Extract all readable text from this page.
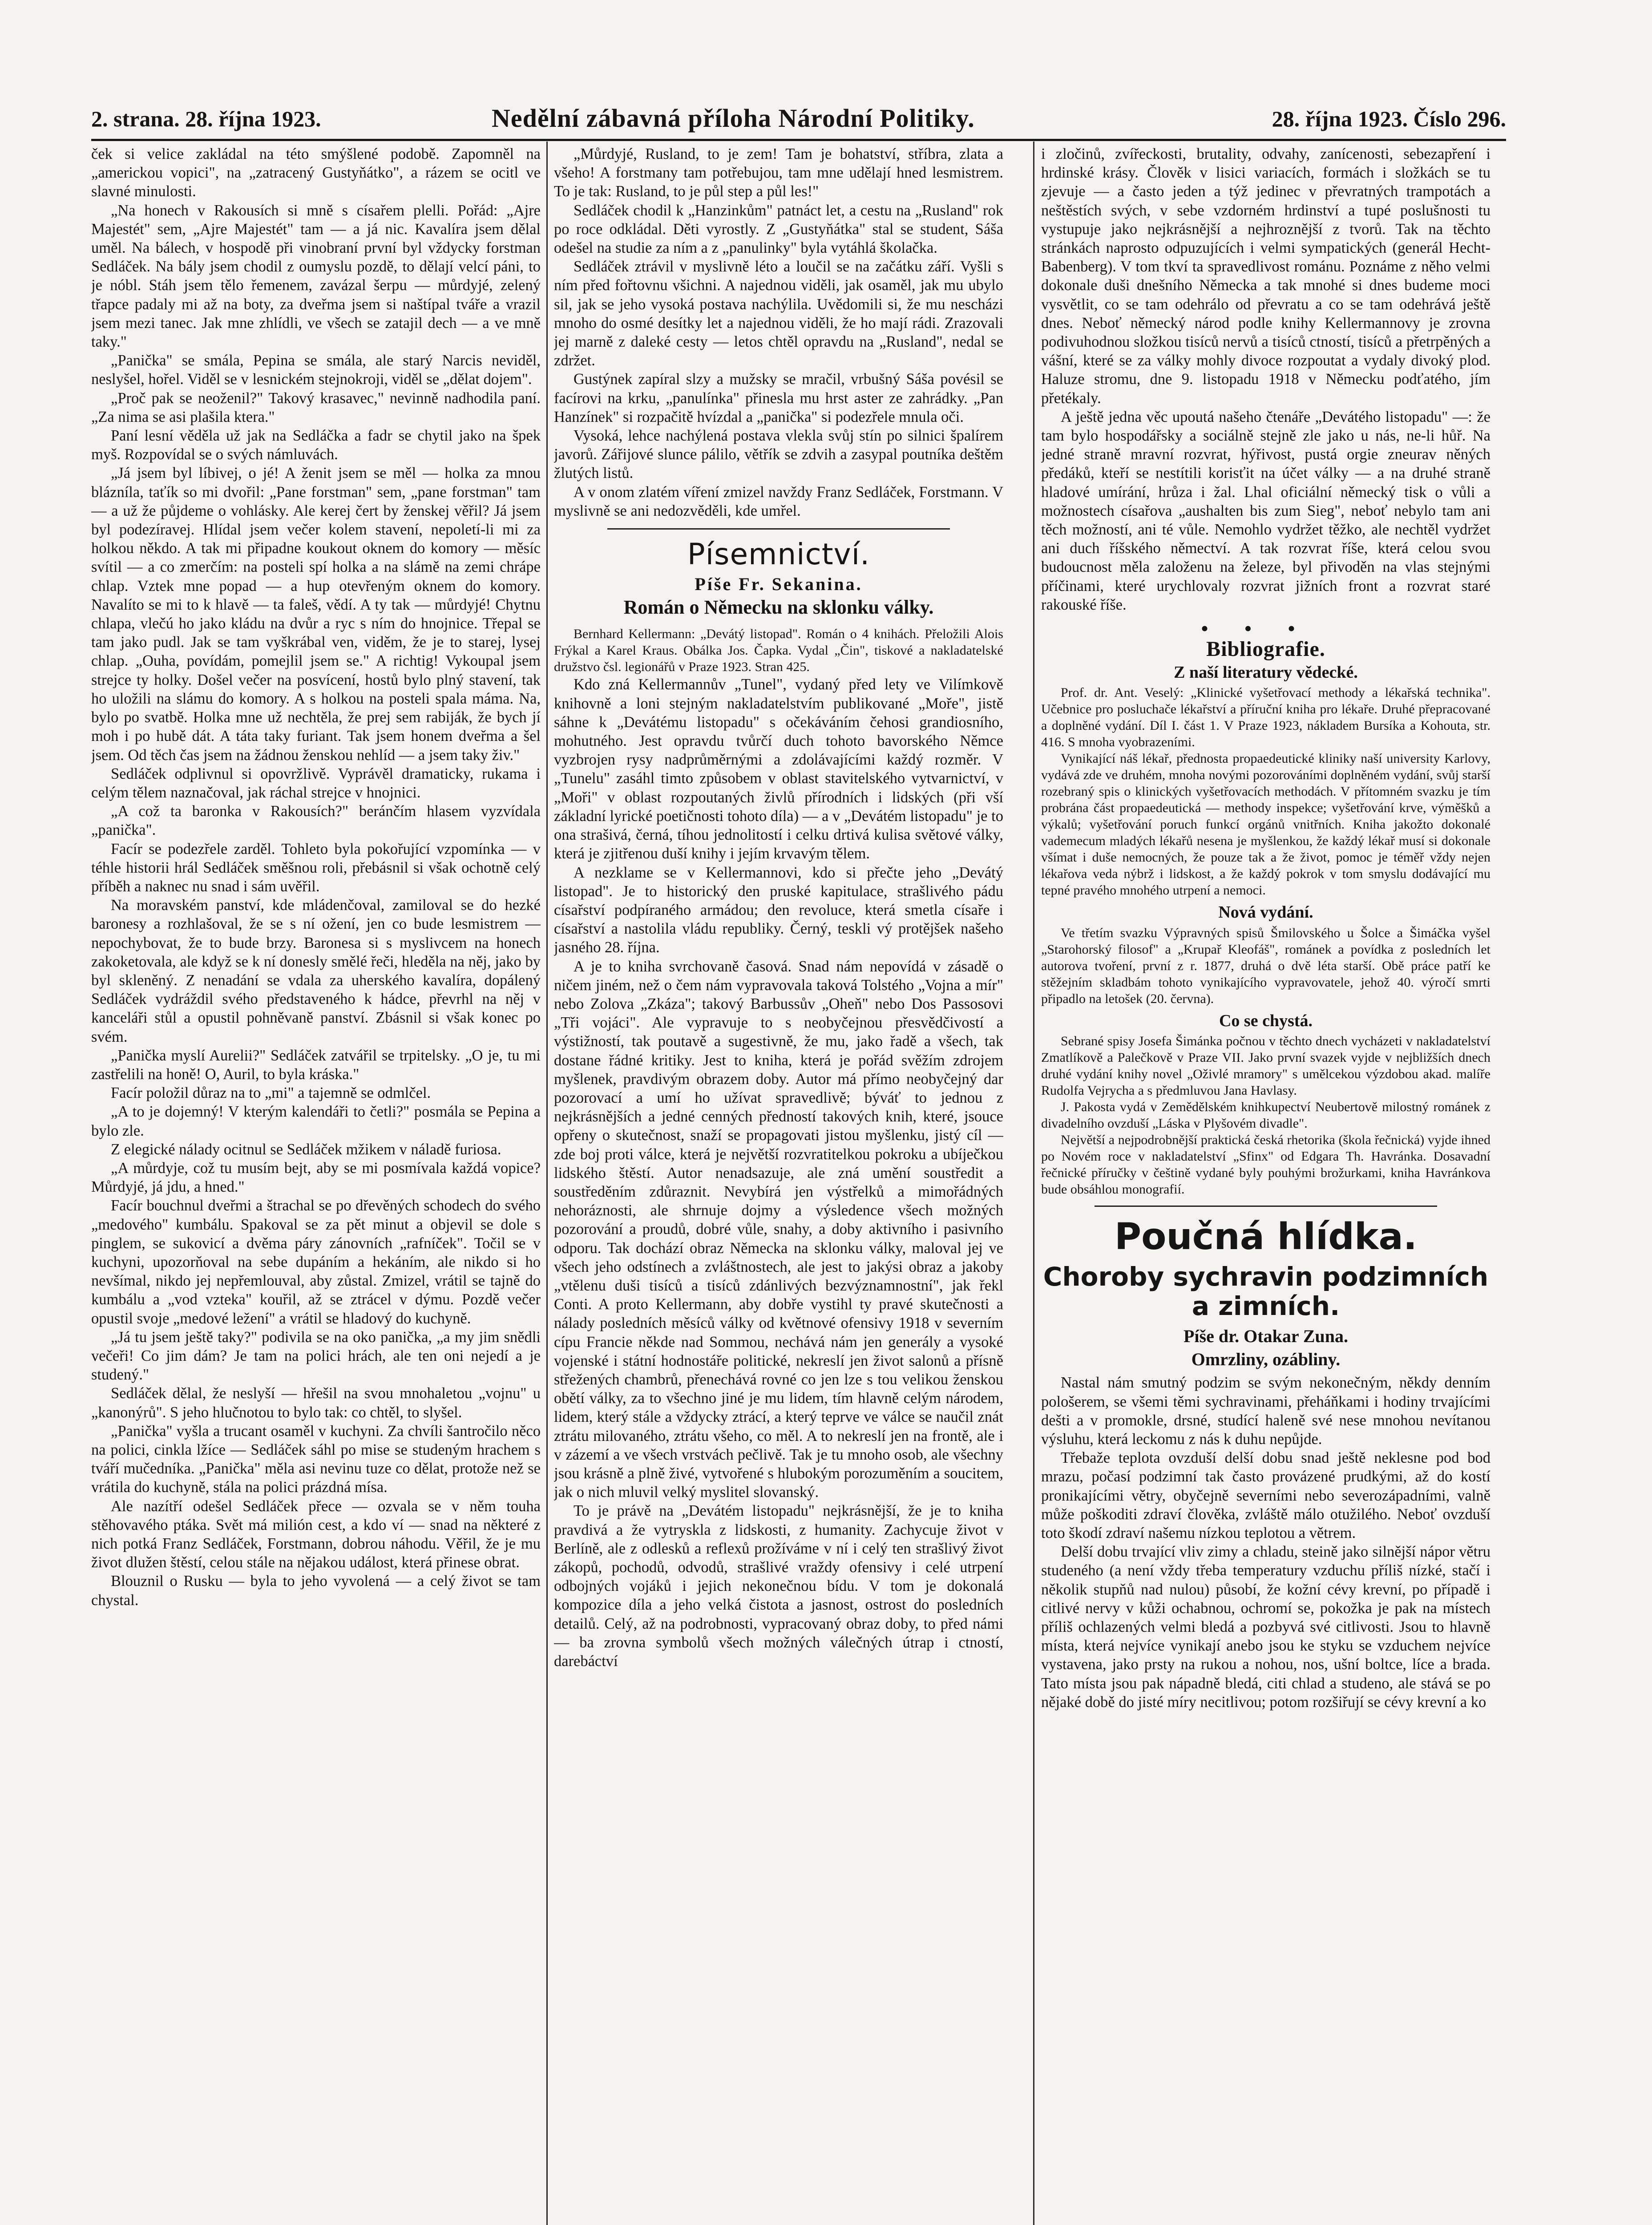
2. strana. 28. října 1923.	Nedělní zábavná příloha Národní Politiky.	28. října 1923. Číslo 296.

ček si velice zakládal na této smýšlené podobě. Zapomněl na „americkou vopici", na „zatracený Gustyňátko", a rázem se ocitl ve slavné minulosti.

„Na honech v Rakousích si mně s císařem plelli. Pořád: „Ajre Majestét" sem, „Ajre Majestét" tam — a já nic. Kavalíra jsem dělal uměl. Na bálech, v hospodě při vinobraní první byl vždycky forstman Sedláček. Na bály jsem chodil z oumyslu pozdě, to dělají velcí páni, to je nóbl. Stáh jsem tělo řemenem, zavázal šerpu — můrdyjé, zelený třapce padaly mi až na boty, za dveřma jsem si naštípal tváře a vrazil jsem mezi tanec. Jak mne zhlídli, ve všech se zatajil dech — a ve mně taky."

„Panička" se smála, Pepina se smála, ale starý Narcis neviděl, neslyšel, hořel. Viděl se v lesnickém stejnokroji, viděl se „dělat dojem".

„Proč pak se neoženil?" Takový krasavec," nevinně nadhodila paní. „Za nima se asi plašila ktera."

Paní lesní věděla už jak na Sedláčka a fadr se chytil jako na špek myš. Rozpovídal se o svých námluvách.

„Já jsem byl líbivej, o jé! A ženit jsem se měl — holka za mnou blázníla, taťík so mi dvořil: „Pane forstman" sem, „pane forstman" tam — a už že půjdeme o vohlásky. Ale kerej čert by ženskej věřil? Já jsem byl podezíravej. Hlídal jsem večer kolem stavení, nepoletí-li mi za holkou někdo. A tak mi připadne koukout oknem do komory — měsíc svítil — a co zmerčím: na posteli spí holka a na slámě na zemi chrápe chlap. Vztek mne popad — a hup otevřeným oknem do komory. Navalíto se mi to k hlavě — ta faleš, vědí. A ty tak — můrdyjé! Chytnu chlapa, vlečú ho jako kládu na dvůr a ryc s ním do hnojnice. Třepal se tam jako pudl. Jak se tam vyškrábal ven, viděm, že je to starej, lysej chlap. „Ouha, povídám, pomejlil jsem se." A richtig! Vykoupal jsem strejce ty holky. Došel večer na posvícení, hostů bylo plný stavení, tak ho uložili na slámu do komory. A s holkou na posteli spala máma. Na, bylo po svatbě. Holka mne už nechtěla, že prej sem rabiják, že bych jí moh i po hubě dát. A táta taky furiant. Tak jsem honem dveřma a šel jsem. Od těch čas jsem na žádnou ženskou nehlíd — a jsem taky živ."

Sedláček odplivnul si opovržlivě. Vyprávěl dramaticky, rukama i celým tělem naznačoval, jak ráchal strejce v hnojnici.

„A což ta baronka v Rakousích?" beránčím hlasem vyzvídala „panička".

Facír se podezřele zarděl. Tohleto byla pokořující vzpomínka — v téhle historii hrál Sedláček směšnou roli, přebásnil si však ochotně celý příběh a naknec nu snad i sám uvěřil.

Na moravském panství, kde mládenčoval, zamiloval se do hezké baronesy a rozhlašoval, že se s ní ožení, jen co bude lesmistrem — nepochybovat, že to bude brzy. Baronesa si s myslivcem na honech zakoketovala, ale když se k ní donesly smělé řeči, hleděla na něj, jako by byl skleněný. Z nenadání se vdala za uherského kavalíra, dopálený Sedláček vydráždil svého představeného k hádce, převrhl na něj v kanceláři stůl a opustil pohněvaně panství. Zbásnil si však konec po svém.

„Panička myslí Aurelii?" Sedláček zatvářil se trpitelsky. „O je, tu mi zastřelili na honě! O, Auril, to byla kráska."

Facír položil důraz na to „mi" a tajemně se odmlčel.

„A to je dojemný! V kterým kalendáři to četli?" posmála se Pepina a bylo zle.

Z elegické nálady ocitnul se Sedláček mžikem v náladě furiosa.

„A můrdyje, což tu musím bejt, aby se mi posmívala každá vopice? Můrdyjé, já jdu, a hned."

Facír bouchnul dveřmi a štrachal se po dřevěných schodech do svého „medového" kumbálu. Spakoval se za pět minut a objevil se dole s pinglem, se sukovicí a dvěma páry zánovních „rafníček". Točil se v kuchyni, upozorňoval na sebe dupáním a hekáním, ale nikdo si ho nevšímal, nikdo jej nepřemlouval, aby zůstal. Zmizel, vrátil se tajně do kumbálu a „vod vzteka" kouřil, až se ztrácel v dýmu. Pozdě večer opustil svoje „medové ležení" a vrátil se hladový do kuchyně.

„Já tu jsem ještě taky?" podivila se na oko panička, „a my jim snědli večeři! Co jim dám? Je tam na polici hrách, ale ten oni nejedí a je studený."

Sedláček dělal, že neslyší — hřešil na svou mnohaletou „vojnu" u „kanonýrů". S jeho hlučnotou to bylo tak: co chtěl, to slyšel.

„Panička" vyšla a trucant osaměl v kuchyni. Za chvíli šantročilo něco na polici, cinkla lžíce — Sedláček sáhl po mise se studeným hrachem s tváří mučedníka. „Panička" měla asi nevinu tuze co dělat, protože než se vrátila do kuchyně, stála na polici prázdná mísa.

Ale nazítří odešel Sedláček přece — ozvala se v něm touha stěhovavého ptáka. Svět má milión cest, a kdo ví — snad na některé z nich potká Franz Sedláček, Forstmann, dobrou náhodu. Věřil, že je mu život dlužen štěstí, celou stále na nějakou událost, která přinese obrat.

Blouznil o Rusku — byla to jeho vyvolená — a celý život se tam chystal.

„Můrdyjé, Rusland, to je zem! Tam je bohatství, stříbra, zlata a všeho! A forstmany tam potřebujou, tam mne udělají hned lesmistrem. To je tak: Rusland, to je půl step a půl les!"

Sedláček chodil k „Hanzinkům" patnáct let, a cestu na „Rusland" rok po roce odkládal. Děti vyrostly. Z „Gustyňátka" stal se student, Sáša odešel na studie za ním a z „panulinky" byla vytáhlá školačka.

Sedláček ztrávil v myslivně léto a loučil se na začátku září. Vyšli s ním před fořtovnu všichni. A najednou viděli, jak osaměl, jak mu ubylo sil, jak se jeho vysoká postava nachýlila. Uvědomili si, že mu nescházi mnoho do osmé desítky let a najednou viděli, že ho mají rádi. Zrazovali jej marně z daleké cesty — letos chtěl opravdu na „Rusland", nedal se zdržet.

Gustýnek zapíral slzy a mužsky se mračil, vrbušný Sáša povésil se facírovi na krku, „panulínka" přinesla mu hrst aster ze zahrádky. „Pan Hanzínek" si rozpačitě hvízdal a „panička" si podezřele mnula oči.

Vysoká, lehce nachýlená postava vlekla svůj stín po silnici špalírem javorů. Zářijové slunce pálilo, větřík se zdvih a zasypal poutníka deštěm žlutých listů.

A v onom zlatém víření zmizel navždy Franz Sedláček, Forstmann. V myslivně se ani nedozvěděli, kde umřel.

Písemnictví.
Píše Fr. Sekanina.
Román o Německu na sklonku války.

Bernhard Kellermann: „Devátý listopad". Román o 4 knihách. Přeložili Alois Frýkal a Karel Kraus. Obálka Jos. Čapka. Vydal „Čin", tiskové a nakladatelské družstvo čsl. legionářů v Praze 1923. Stran 425.

Kdo zná Kellermannův „Tunel", vydaný před lety ve Vilímkově knihovně a loni stejným nakladatelstvím publikované „Moře", jistě sáhne k „Devátému listopadu" s očekáváním čehosi grandiosního, mohutného. Jest opravdu tvůrčí duch tohoto bavorského Němce vyzbrojen rysy nadprůměrnými a zdolávajícími každý rozměr. V „Tunelu" zasáhl timto způsobem v oblast stavitelského vytvarnictví, v „Moři" v oblast rozpoutaných živlů přírodních i lidských (při vší základní lyrické poetičnosti tohoto díla) — a v „Devátém listopadu" je to ona strašivá, černá, tíhou jednolitostí i celku drtivá kulisa světové války, která je zjitřenou duší knihy i jejím krvavým tělem.

A nezklame se v Kellermannovi, kdo si přečte jeho „Devátý listopad". Je to historický den pruské kapitulace, strašlivého pádu císařství podpíraného armádou; den revoluce, která smetla císaře i císařství a nastolila vládu republiky. Černý, teskli vý protějšek našeho jasného 28. října.

A je to kniha svrchovaně časová. Snad nám nepovídá v zásadě o ničem jiném, než o čem nám vypravovala taková Tolstého „Vojna a mír" nebo Zolova „Zkáza"; takový Barbussův „Oheň" nebo Dos Passosovi „Tři vojáci". Ale vypravuje to s neobyčejnou přesvědčivostí a výstižností, tak poutavě a sugestivně, že mu, jako řadě a všech, tak dostane řádné kritiky. Jest to kniha, která je pořád svěžím zdrojem myšlenek, pravdivým obrazem doby. Autor má přímo neobyčejný dar pozorovací a umí ho užívat spravedlivě; býváť to jednou z nejkrásnějších a jedné cenných předností takových knih, které, jsouce opřeny o skutečnost, snaží se propagovati jistou myšlenku, jistý cíl — zde boj proti válce, která je největší rozvratitelkou pokroku a ubíječkou lidského štěstí. Autor nenadsazuje, ale zná umění soustředit a soustředěním zdůraznit. Nevybírá jen výstřelků a mimořádných nehoráznosti, ale shrnuje dojmy a výsledence všech možných pozorování a proudů, dobré vůle, snahy, a doby aktivního i pasivního odporu. Tak dochází obraz Německa na sklonku války, maloval jej ve všech jeho odstínech a zvláštnostech, ale jest to jakýsi obraz a jakoby „vtělenu duši tisíců a tisíců zdánlivých bezvýznamnostní", jak řekl Conti. A proto Kellermann, aby dobře vystihl ty pravé skutečnosti a nálady posledních měsíců války od květnové ofensivy 1918 v severním cípu Francie někde nad Sommou, nechává nám jen generály a vysoké vojenské i státní hodnostáře politické, nekreslí jen život salonů a přísně střežených chambrů, přenechává rovné co jen lze s tou velikou ženskou obětí války, za to všechno jiné je mu lidem, tím hlavně celým národem, lidem, který stále a vždycky ztrácí, a který teprve ve válce se naučil znát ztrátu milovaného, ztrátu všeho, co měl. A to nekreslí jen na frontě, ale i v zázemí a ve všech vrstvách pečlivě. Tak je tu mnoho osob, ale všechny jsou krásně a plně živé, vytvořené s hlubokým porozuměním a soucitem, jak o nich mluvil velký myslitel slovanský.

To je právě na „Devátém listopadu" nejkrásnější, že je to kniha pravdivá a že vytryskla z lidskosti, z humanity. Zachycuje život v Berlíně, ale z odlesků a reflexů prožíváme v ní i celý ten strašlivý život zákopů, pochodů, odvodů, strašlivé vraždy ofensivy i celé utrpení odbojných vojáků i jejich nekonečnou bídu. V tom je dokonalá kompozice díla a jeho velká čistota a jasnost, ostrost do posledních detailů. Celý, až na podrobnosti, vypracovaný obraz doby, to před námi — ba zrovna symbolů všech možných válečných útrap i ctností, darebáctví

i zločinů, zvířeckosti, brutality, odvahy, zanícenosti, sebezapření i hrdinské krásy. Člověk v lisici variacích, formách i složkách se tu zjevuje — a často jeden a týž jedinec v převratných trampotách a neštěstích svých, v sebe vzdorném hrdinství a tupé poslušnosti tu vystupuje jako nejkrásnější a nejhroznější z tvorů. Tak na těchto stránkách naprosto odpuzujících i velmi sympatických (generál Hecht-Babenberg). V tom tkví ta spravedlivost románu. Poznáme z něho velmi dokonale duši dnešního Německa a tak mnohé si dnes budeme moci vysvětlit, co se tam odehrálo od převratu a co se tam odehrává ještě dnes. Neboť německý národ podle knihy Kellermannovy je zrovna podivuhodnou složkou tisíců nervů a tisíců ctností, tisíců a přetrpěných a vášní, které se za války mohly divoce rozpoutat a vydaly divoký plod. Haluze stromu, dne 9. listopadu 1918 v Německu podťatého, jím přetékaly.

A ještě jedna věc upoutá našeho čtenáře „Devátého listopadu" —: že tam bylo hospodářsky a sociálně stejně zle jako u nás, ne-li hůř. Na jedné straně mravní rozvrat, hýřivost, pustá orgie zneurav něných předáků, kteří se nestítili korisťit na účet války — a na druhé straně hladové umírání, hrůza i žal. Lhal oficiální německý tisk o vůli a možnostech císařova „aushalten bis zum Sieg", neboť nebylo tam ani těch možností, ani té vůle. Nemohlo vydržet těžko, ale nechtěl vydržet ani duch říšského němectví. A tak rozvrat říše, která celou svou budoucnost měla založenu na železe, byl přivoděn na vlas stejnými příčinami, které urychlovaly rozvrat jižních front a rozvrat staré rakouské říše.

•••
Bibliografie.
Z naší literatury vědecké.

Prof. dr. Ant. Veselý: „Klinické vyšetřovací methody a lékařská technika". Učebnice pro posluchače lékařství a příruční kniha pro lékaře. Druhé přepracované a doplněné vydání. Díl I. část 1. V Praze 1923, nákladem Bursíka a Kohouta, str. 416. S mnoha vyobrazeními.

Vynikající náš lékař, přednosta propaedeutické kliniky naší university Karlovy, vydává zde ve druhém, mnoha novými pozorováními doplněném vydání, svůj starší rozebraný spis o klinických vyšetřovacích methodách. V přítomném svazku je tím probrána část propaedeutická — methody inspekce; vyšetřování krve, výměšků a výkalů; vyšetřování poruch funkcí orgánů vnitřních. Kniha jakožto dokonalé vademecum mladých lékařů nesena je myšlenkou, že každý lékař musí si dokonale všímat i duše nemocných, že pouze tak a že život, pomoc je téměř vždy nejen lékařova veda nýbrž i lidskost, a že každý pokrok v tom smyslu dodávající mu tepné pravého mnohého utrpení a nemoci.

Nová vydání.

Ve třetím svazku Výpravných spisů Šmilovského u Šolce a Šimáčka vyšel „Starohorský filosof" a „Krupař Kleofáš", románek a povídka z posledních let autorova tvoření, první z r. 1877, druhá o dvě léta starší. Obě práce patří ke stěžejním skladbám tohoto vynikajícího vypravovatele, jehož 40. výročí smrti připadlo na letošek (20. června).

Co se chystá.

Sebrané spisy Josefa Šimánka počnou v těchto dnech vycházeti v nakladatelství Zmatlíkově a Palečkově v Praze VII. Jako první svazek vyjde v nejbližších dnech druhé vydání knihy novel „Oživlé mramory" s umělcekou výzdobou akad. malíře Rudolfa Vejrycha a s předmluvou Jana Havlasy.

J. Pakosta vydá v Zemědělském knihkupectví Neubertově milostný románek z divadelního ovzduší „Láska v Plyšovém divadle".

Největší a nejpodrobnější praktická česká rhetorika (škola řečnická) vyjde ihned po Novém roce v nakladatelství „Sfinx" od Edgara Th. Havránka. Dosavadní řečnické příručky v češtině vydané byly pouhými brožurkami, kniha Havránkova bude obsáhlou monografií.

Poučná hlídka.
Choroby sychravin podzimních a zimních.
Píše dr. Otakar Zuna.
Omrzliny, ozábliny.

Nastal nám smutný podzim se svým nekonečným, někdy denním pološerem, se všemi těmi sychravinami, přeháňkami i hodiny trvajícími dešti a v promokle, drsné, studící haleně své nese mnohou nevítanou výsluhu, která leckomu z nás k duhu nepůjde.

Třebaže teplota ovzduší delší dobu snad ještě neklesne pod bod mrazu, počasí podzimní tak často provázené prudkými, až do kostí pronikajícími větry, obyčejně severními nebo severozápadními, valně může poškoditi zdraví člověka, zvláště málo otužilého. Neboť ovzduší toto škodí zdraví našemu nízkou teplotou a větrem.

Delší dobu trvající vliv zimy a chladu, steině jako silnější nápor větru studeného (a není vždy třeba temperatury vzduchu příliš nízké, stačí i několik stupňů nad nulou) působí, že kožní cévy krevní, po případě i citlivé nervy v kůži ochabnou, ochromí se, pokožka je pak na místech příliš ochlazených velmi bledá a pozbyvá své citlivosti. Jsou to hlavně místa, která nejvíce vynikají anebo jsou ke styku se vzduchem nejvíce vystavena, jako prsty na rukou a nohou, nos, ušní boltce, líce a brada. Tato místa jsou pak nápadně bledá, citi chlad a studeno, ale stává se po nějaké době do jisté míry necitlivou; potom rozšiřují se cévy krevní a ko
